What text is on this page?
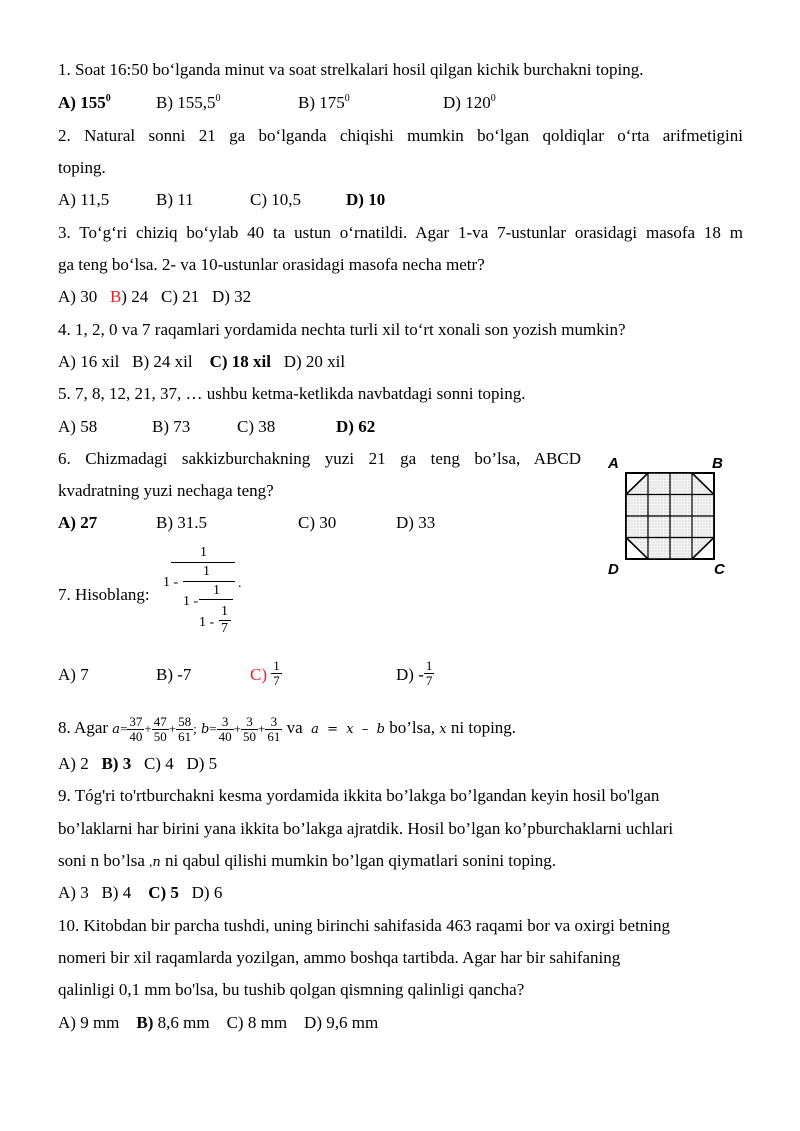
1. Soat 16:50 bo‘lganda minut va soat strelkalari hosil qilgan kichik burchakni toping.
A) $155^0$	B) 155,5$^0$	B) $175^0$	D) $120^0$
2. Natural sonni 21 ga bo‘lganda chiqishi mumkin bo‘lgan qoldiqlar o‘rta arifmetigini
toping.
A) 11,5	B) 11	C) 10,5	D) 10
3. To‘g‘ri chiziq bo‘ylab 40 ta ustun o‘rnatildi. Agar 1-va 7-ustunlar orasidagi masofa 18 m
ga teng bo‘lsa. 2- va 10-ustunlar orasidagi masofa necha metr?
A) 30 B) 24 C) 21 D) 32
4. 1, 2, 0 va 7 raqamlari yordamida nechta turli xil to‘rt xonali son yozish mumkin?
A) 16 xil B) 24 xil C) 18 xil D) 20 xil
5. 7, 8, 12, 21, 37, … ushbu ketma-ketlikda navbatdagi sonni toping.
A) 58	B) 73	C) 38	D) 62
6. Chizmadagi sakkizburchakning yuzi 21 ga teng bo’lsa, ABCD
kvadratning yuzi nechaga teng?
A) 27	B) 31.5	C) 30	D) 33
7. Hisoblang:
1
1 -
1
1 -
1
1 -
1
7
.
A) 7	B) -7	$C) \frac{1}{7}$	$D) - \frac{1}{7}$
8. Agar $a= \frac{37}{40} + \frac{47}{50} + \frac{58}{61}$ ; $b= \frac{3}{40} + \frac{3}{50} + \frac{3}{61}$ va a  =  x  –  b bo’lsa, x ni toping.
A) 2 B) 3 C) 4 D) 5
9. Tóg'ri to'rtburchakni kesma yordamida ikkita bo’lakga bo’lgandan keyin hosil bo'lgan
bo’laklarni har birini yana ikkita bo’lakga ajratdik. Hosil bo’lgan ko’pburchaklarni uchlari
soni n bo’lsa ,n ni qabul qilishi mumkin bo’lgan qiymatlari sonini toping.
A) 3 B) 4 C) 5 D) 6
10. Kitobdan bir parcha tushdi, uning birinchi sahifasida 463 raqami bor va oxirgi betning
nomeri bir xil raqamlarda yozilgan, ammo boshqa tartibda. Agar har bir sahifaning
qalinligi 0,1 mm bo'lsa, bu tushib qolgan qismning qalinligi qancha?
A) 9 mm B) 8,6 mm C) 8 mm D) 9,6 mm
A	B
D	C
